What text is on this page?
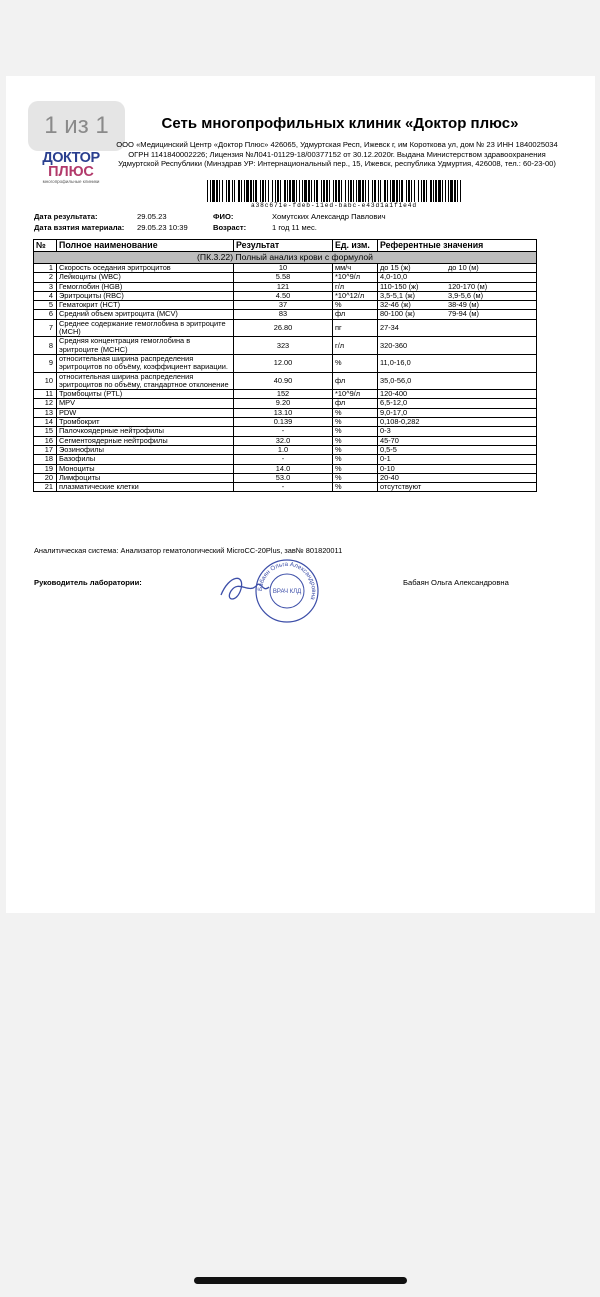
1 из 1
ДОКТОР
ПЛЮС
многопрофильные клиники
Сеть многопрофильных клиник «Доктор плюс»
ООО «Медицинский Центр «Доктор Плюс» 426065, Удмуртская Респ, Ижевск г, им Короткова ул, дом № 23 ИНН 1840025034 ОГРН 1141840002226; Лицензия №Л041-01129-18/00377152 от 30.12.2020г. Выдана Министерством здравоохранения Удмуртской Республики (Минздрав УР: Интернациональный пер., 15, Ижевск, республика Удмуртия, 426008, тел.: 60-23-00)
a38c671e-fdeb-11ed-babc-e43d1a1f1e4d
Дата результата:	29.05.23
Дата взятия материала: 29.05.23 10:39
ФИО:	Хомутских Александр Павлович
Возраст:	1 год 11 мес.
№	Полное наименование	Результат	Ед. изм.	Референтные значения
(ПК.3.22) Полный анализ крови с формулой				
1	Скорость оседания эритроцитов	10	мм/ч	до 15 (ж) до 10 (м)

2	Лейкоциты (WBC)	5.58	*10^9/л	4,0-10,0

3	Гемоглобин (HGB)	121	г/л	110-150 (ж) 120-170 (м)

4	Эритроциты (RBC)	4.50	*10^12/л	3,5-5,1 (ж) 3,9-5,6 (м)

5	Гематокрит (HCT)	37	%	32-46 (ж) 38-49 (м)

6	Средний объем эритроцита (MCV)	83	фл	80-100 (ж) 79-94 (м)

7	Среднее содержание гемоглобина в эритроците (MCH)	26.80	пг	27-34

8	Средняя концентрация гемоглобина в эритроците (MCHC)	323	г/л	320-360

9	относительная ширина распределения эритроцитов по объёму, коэффициент вариации.	12.00	%	11,0-16,0

10	относительная ширина распределения эритроцитов по объёму, стандартное отклонение	40.90	фл	35,0-56,0

11	Тромбоциты (PTL)	152	*10^9/л	120-400

12	MPV	9.20	фл	6,5-12,0

13	PDW	13.10	%	9,0-17,0

14	Тромбокрит	0.139	%	0,108-0,282

15	Палочкоядерные нейтрофилы	-	%	0-3

16	Сегментоядерные нейтрофилы	32.0	%	45-70

17	Эозинофилы	1.0	%	0,5-5

18	Базофилы	-	%	0-1

19	Моноциты	14.0	%	0-10

20	Лимфоциты	53.0	%	20-40

21	плазматические клетки	-	%	отсутствуют
Аналитическая система: Анализатор гематологический MicroCC-20Plus, зав№ 801820011
Руководитель лаборатории:	Бабаян Ольга Александровна
Бабаян Ольга Александровна
ВРАЧ КЛД
